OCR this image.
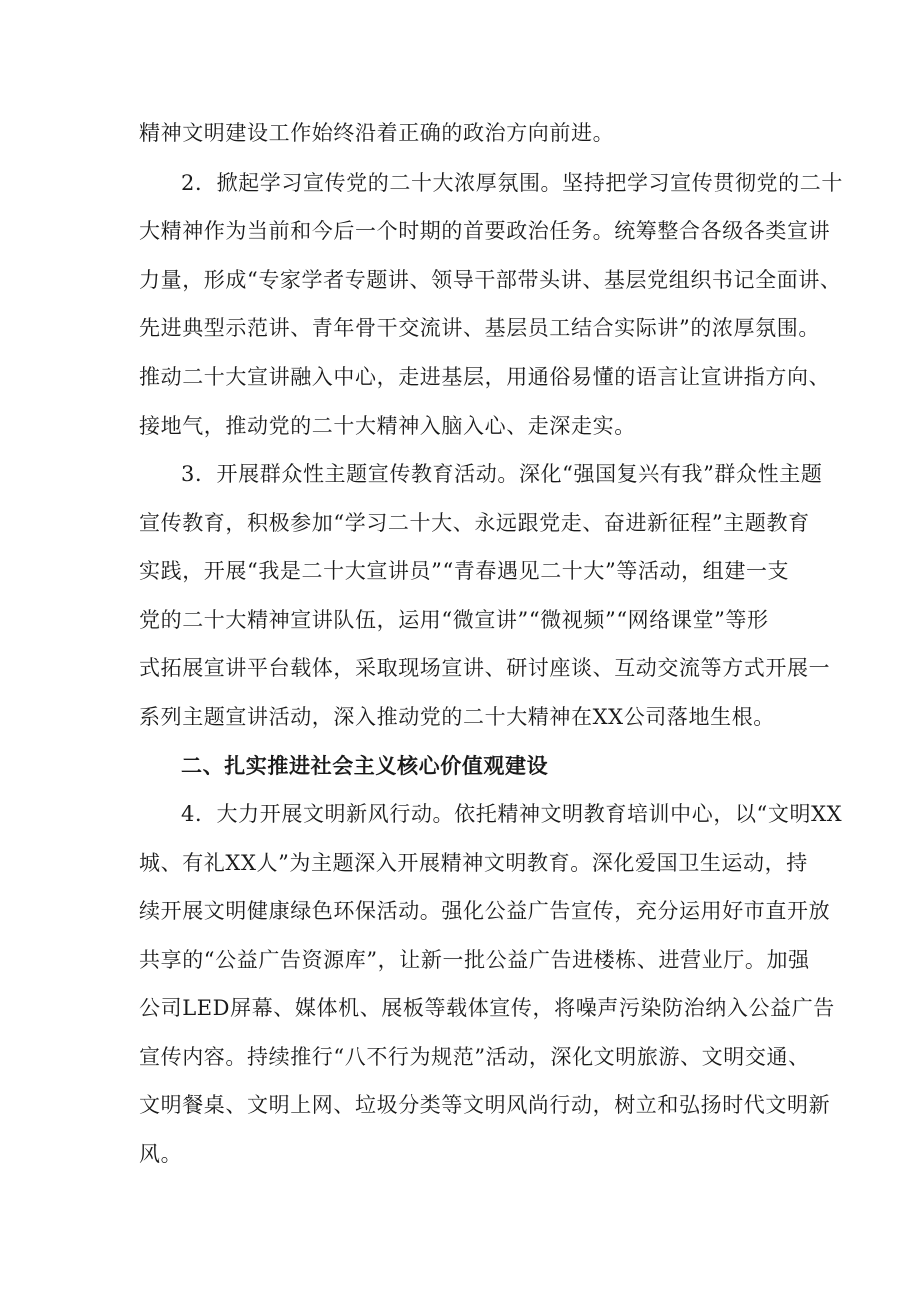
精神文明建设工作始终沿着正确的政治方向前进。
2．掀起学习宣传党的二十大浓厚氛围。坚持把学习宣传贯彻党的二十
大精神作为当前和今后一个时期的首要政治任务。统筹整合各级各类宣讲
力量，形成“专家学者专题讲、领导干部带头讲、基层党组织书记全面讲、
先进典型示范讲、青年骨干交流讲、基层员工结合实际讲”的浓厚氛围。
推动二十大宣讲融入中心，走进基层，用通俗易懂的语言让宣讲指方向、
接地气，推动党的二十大精神入脑入心、走深走实。
3．开展群众性主题宣传教育活动。深化“强国复兴有我”群众性主题
宣传教育，积极参加“学习二十大、永远跟党走、奋进新征程”主题教育
实践，开展“我是二十大宣讲员”“青春遇见二十大”等活动，组建一支
党的二十大精神宣讲队伍，运用“微宣讲”“微视频”“网络课堂”等形
式拓展宣讲平台载体，采取现场宣讲、研讨座谈、互动交流等方式开展一
系列主题宣讲活动，深入推动党的二十大精神在XX公司落地生根。
二、扎实推进社会主义核心价值观建设
4．大力开展文明新风行动。依托精神文明教育培训中心，以“文明XX
城、有礼XX人”为主题深入开展精神文明教育。深化爱国卫生运动，持
续开展文明健康绿色环保活动。强化公益广告宣传，充分运用好市直开放
共享的“公益广告资源库”，让新一批公益广告进楼栋、进营业厅。加强
公司LED屏幕、媒体机、展板等载体宣传，将噪声污染防治纳入公益广告
宣传内容。持续推行“八不行为规范”活动，深化文明旅游、文明交通、
文明餐桌、文明上网、垃圾分类等文明风尚行动，树立和弘扬时代文明新
风。
